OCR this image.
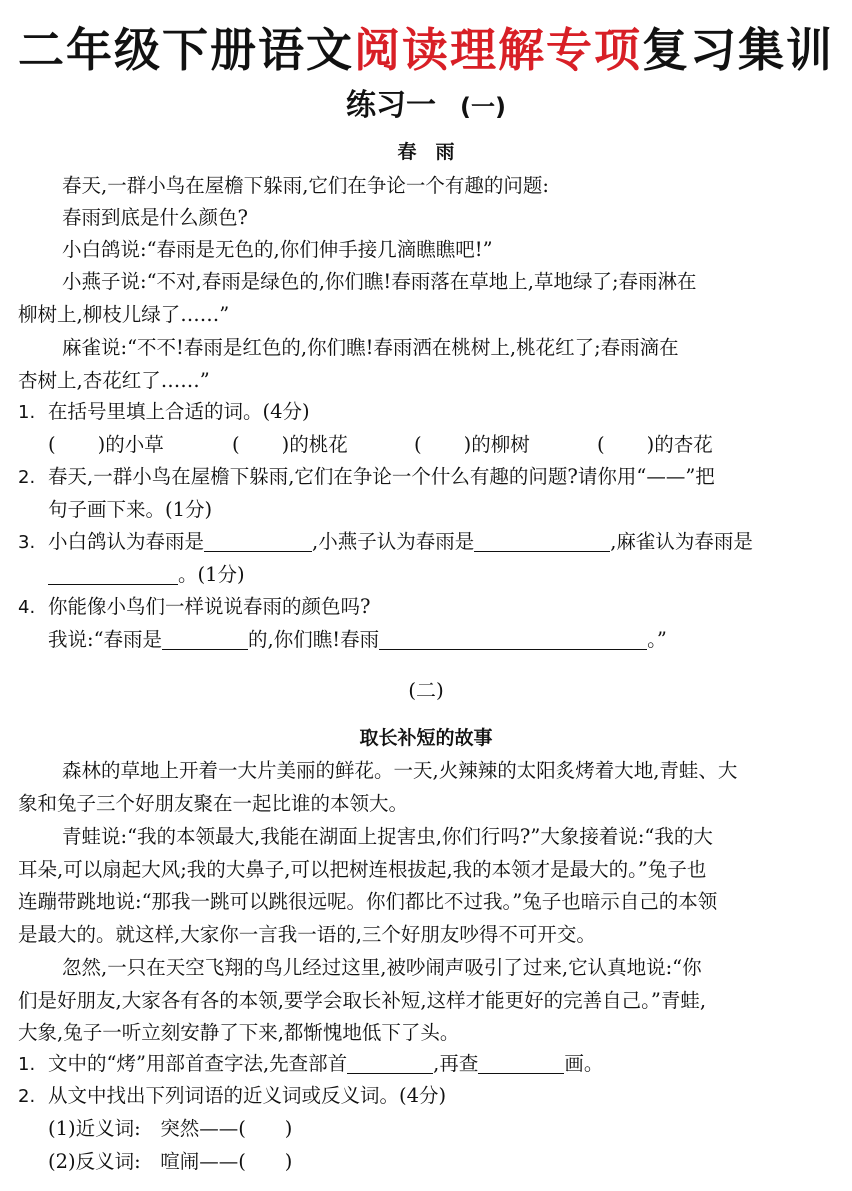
二年级下册语文阅读理解专项复习集训
练习一 (一)
春　雨
春天,一群小鸟在屋檐下躲雨,它们在争论一个有趣的问题:
春雨到底是什么颜色?
小白鸽说:“春雨是无色的,你们伸手接几滴瞧瞧吧!”
小燕子说:“不对,春雨是绿色的,你们瞧!春雨落在草地上,草地绿了;春雨淋在
柳树上,柳枝儿绿了……”
麻雀说:“不不!春雨是红色的,你们瞧!春雨洒在桃树上,桃花红了;春雨滴在
杏树上,杏花红了……”
1. 在括号里填上合适的词。(4分)
( )的小草	( )的桃花	( )的柳树	( )的杏花
2. 春天,一群小鸟在屋檐下躲雨,它们在争论一个什么有趣的问题?请你用“——”把
句子画下来。(1分)
3. 小白鸽认为春雨是	,小燕子认为春雨是	,麻雀认为春雨是
。(1分)
4. 你能像小鸟们一样说说春雨的颜色吗?
我说:“春雨是	的,你们瞧!春雨	。”
(二)
取长补短的故事
森林的草地上开着一大片美丽的鲜花。一天,火辣辣的太阳炙烤着大地,青蛙、大
象和兔子三个好朋友聚在一起比谁的本领大。
青蛙说:“我的本领最大,我能在湖面上捉害虫,你们行吗?”大象接着说:“我的大
耳朵,可以扇起大风;我的大鼻子,可以把树连根拔起,我的本领才是最大的。”兔子也
连蹦带跳地说:“那我一跳可以跳很远呢。你们都比不过我。”兔子也暗示自己的本领
是最大的。就这样,大家你一言我一语的,三个好朋友吵得不可开交。
忽然,一只在天空飞翔的鸟儿经过这里,被吵闹声吸引了过来,它认真地说:“你
们是好朋友,大家各有各的本领,要学会取长补短,这样才能更好的完善自己。”青蛙,
大象,兔子一听立刻安静了下来,都惭愧地低下了头。
1. 文中的“烤”用部首查字法,先查部首	,再查	画。
2. 从文中找出下列词语的近义词或反义词。(4分)
(1)近义词:　突然——(　　)
(2)反义词:　喧闹——(　　)
